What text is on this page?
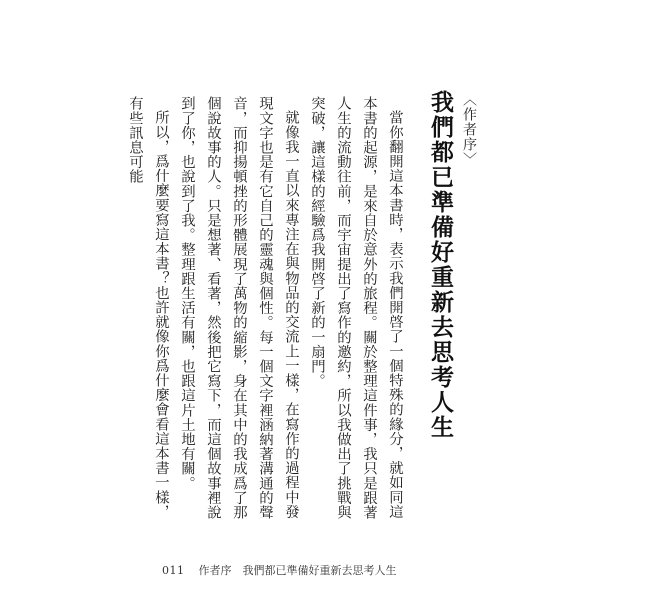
〈作者序〉
我們都已準備好重新去思考人生

當你翻開這本書時，表示我們開啓了一個特殊的緣分，就如同這本書的起源，是來自於意外的旅程。關於整理這件事，我只是跟著人生的流動往前，而宇宙提出了寫作的邀約，所以我做出了挑戰與突破，讓這樣的經驗爲我開啓了新的一扇門。

就像我一直以來專注在與物品的交流上一樣，在寫作的過程中發現文字也是有它自己的靈魂與個性。每一個文字裡涵納著溝通的聲音，而抑揚頓挫的形體展現了萬物的縮影，身在其中的我成爲了那個說故事的人。只是想著、看著，然後把它寫下，而這個故事裡說到了你，也說到了我。整理跟生活有關，也跟這片土地有關。

所以，爲什麼要寫這本書？也許就像你爲什麼會看這本書一樣，有些訊息可能

011 作者序　我們都已準備好重新去思考人生
